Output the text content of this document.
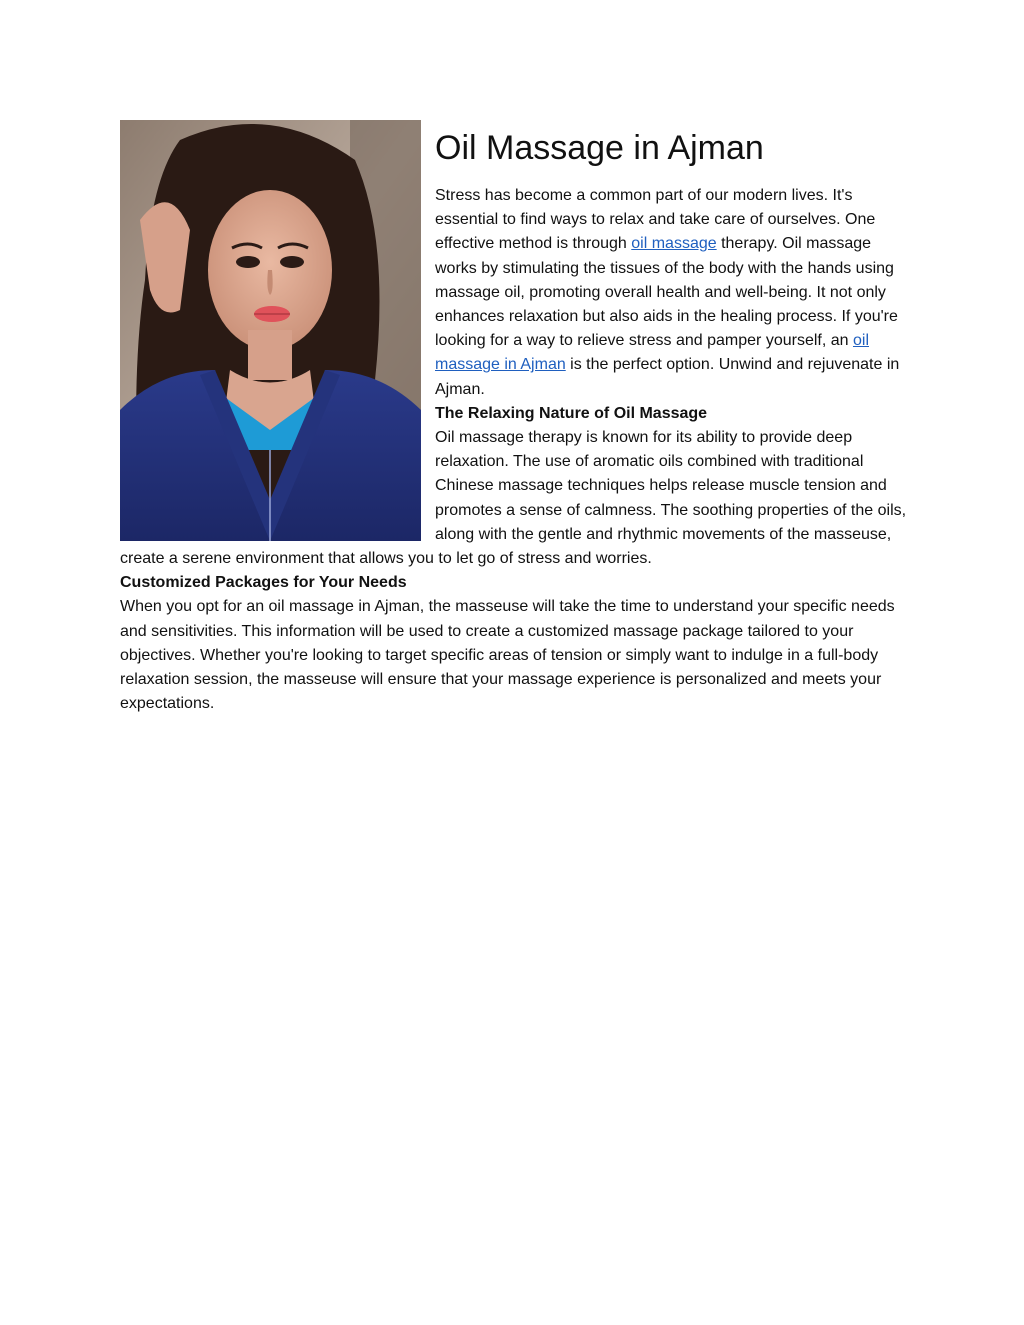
Oil Massage in Ajman

Stress has become a common part of our modern lives. It's essential to find ways to relax and take care of ourselves. One effective method is through oil massage therapy. Oil massage works by stimulating the tissues of the body with the hands using massage oil, promoting overall health and well-being. It not only enhances relaxation but also aids in the healing process. If you're looking for a way to relieve stress and pamper yourself, an oil massage in Ajman is the perfect option. Unwind and rejuvenate in Ajman.

The Relaxing Nature of Oil Massage

Oil massage therapy is known for its ability to provide deep relaxation. The use of aromatic oils combined with traditional Chinese massage techniques helps release muscle tension and promotes a sense of calmness. The soothing properties of the oils, along with the gentle and rhythmic movements of the masseuse, create a serene environment that allows you to let go of stress and worries.

Customized Packages for Your Needs

When you opt for an oil massage in Ajman, the masseuse will take the time to understand your specific needs and sensitivities. This information will be used to create a customized massage package tailored to your objectives. Whether you're looking to target specific areas of tension or simply want to indulge in a full-body relaxation session, the masseuse will ensure that your massage experience is personalized and meets your expectations.
